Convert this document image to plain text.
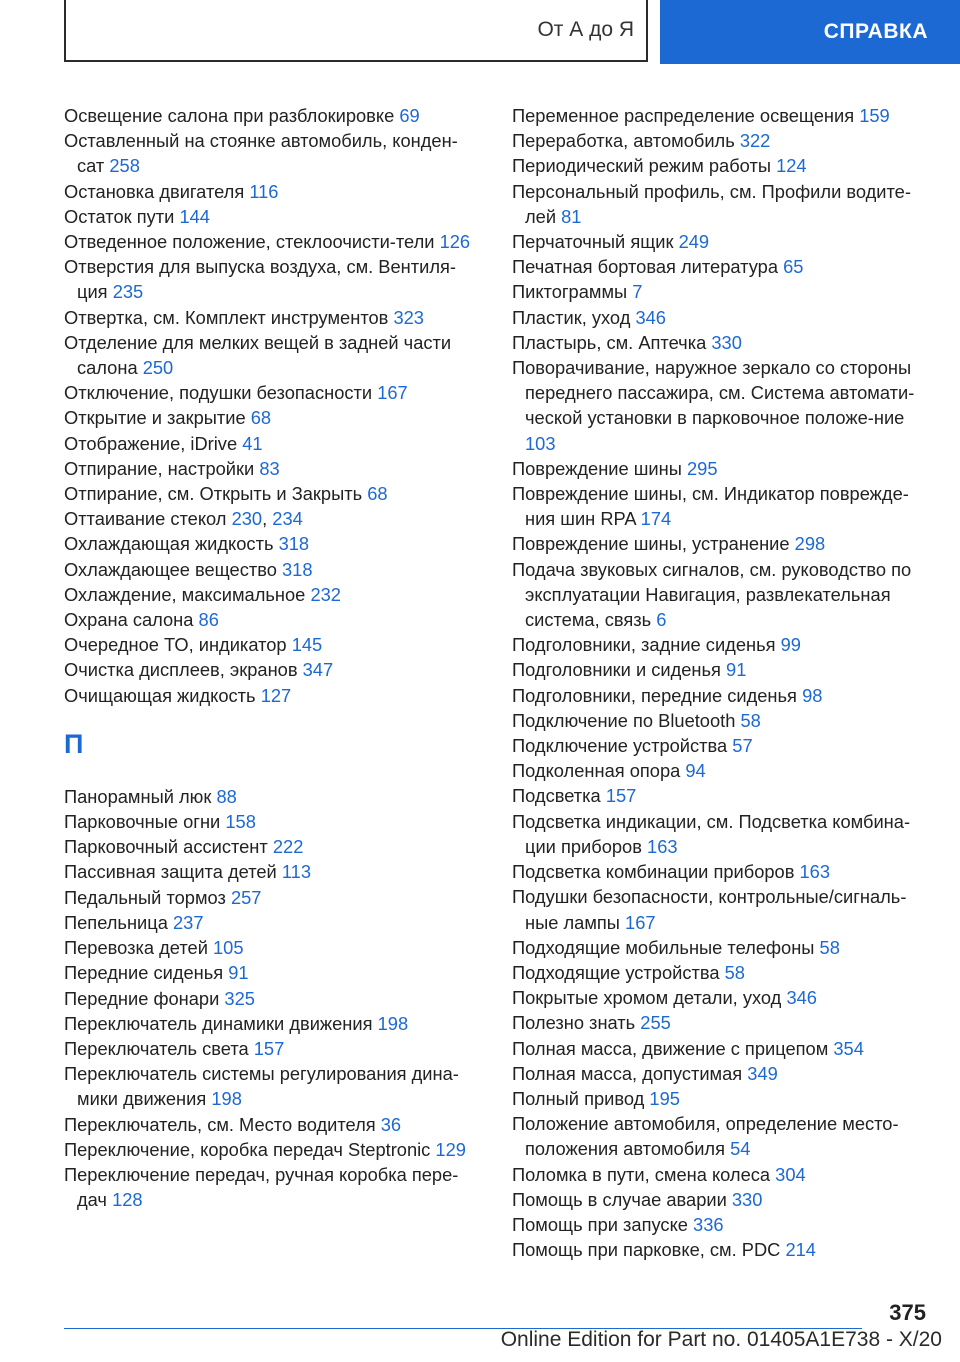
От А до Я	СПРАВКА
Освещение салона при разблокировке 69
Оставленный на стоянке автомобиль, конден-сат 258
Остановка двигателя 116
Остаток пути 144
Отведенное положение, стеклоочисти-тели 126
Отверстия для выпуска воздуха, см. Вентиля-ция 235
Отвертка, см. Комплект инструментов 323
Отделение для мелких вещей в задней части салона 250
Отключение, подушки безопасности 167
Открытие и закрытие 68
Отображение, iDrive 41
Отпирание, настройки 83
Отпирание, см. Открыть и Закрыть 68
Оттаивание стекол 230, 234
Охлаждающая жидкость 318
Охлаждающее вещество 318
Охлаждение, максимальное 232
Охрана салона 86
Очередное ТО, индикатор 145
Очистка дисплеев, экранов 347
Очищающая жидкость 127
П
Панорамный люк 88
Парковочные огни 158
Парковочный ассистент 222
Пассивная защита детей 113
Педальный тормоз 257
Пепельница 237
Перевозка детей 105
Передние сиденья 91
Передние фонари 325
Переключатель динамики движения 198
Переключатель света 157
Переключатель системы регулирования дина-мики движения 198
Переключатель, см. Место водителя 36
Переключение, коробка передач Steptronic 129
Переключение передач, ручная коробка пере-дач 128
Переменное распределение освещения 159
Переработка, автомобиль 322
Периодический режим работы 124
Персональный профиль, см. Профили водите-лей 81
Перчаточный ящик 249
Печатная бортовая литература 65
Пиктограммы 7
Пластик, уход 346
Пластырь, см. Аптечка 330
Поворачивание, наружное зеркало со стороны переднего пассажира, см. Система автомати-ческой установки в парковочное положе-ние 103
Повреждение шины 295
Повреждение шины, см. Индикатор поврежде-ния шин RPA 174
Повреждение шины, устранение 298
Подача звуковых сигналов, см. руководство по эксплуатации Навигация, развлекательная система, связь 6
Подголовники, задние сиденья 99
Подголовники и сиденья 91
Подголовники, передние сиденья 98
Подключение по Bluetooth 58
Подключение устройства 57
Подколенная опора 94
Подсветка 157
Подсветка индикации, см. Подсветка комбина-ции приборов 163
Подсветка комбинации приборов 163
Подушки безопасности, контрольные/сигналь-ные лампы 167
Подходящие мобильные телефоны 58
Подходящие устройства 58
Покрытые хромом детали, уход 346
Полезно знать 255
Полная масса, движение с прицепом 354
Полная масса, допустимая 349
Полный привод 195
Положение автомобиля, определение место-положения автомобиля 54
Поломка в пути, смена колеса 304
Помощь в случае аварии 330
Помощь при запуске 336
Помощь при парковке, см. PDC 214
375
Online Edition for Part no. 01405A1E738 - X/20
